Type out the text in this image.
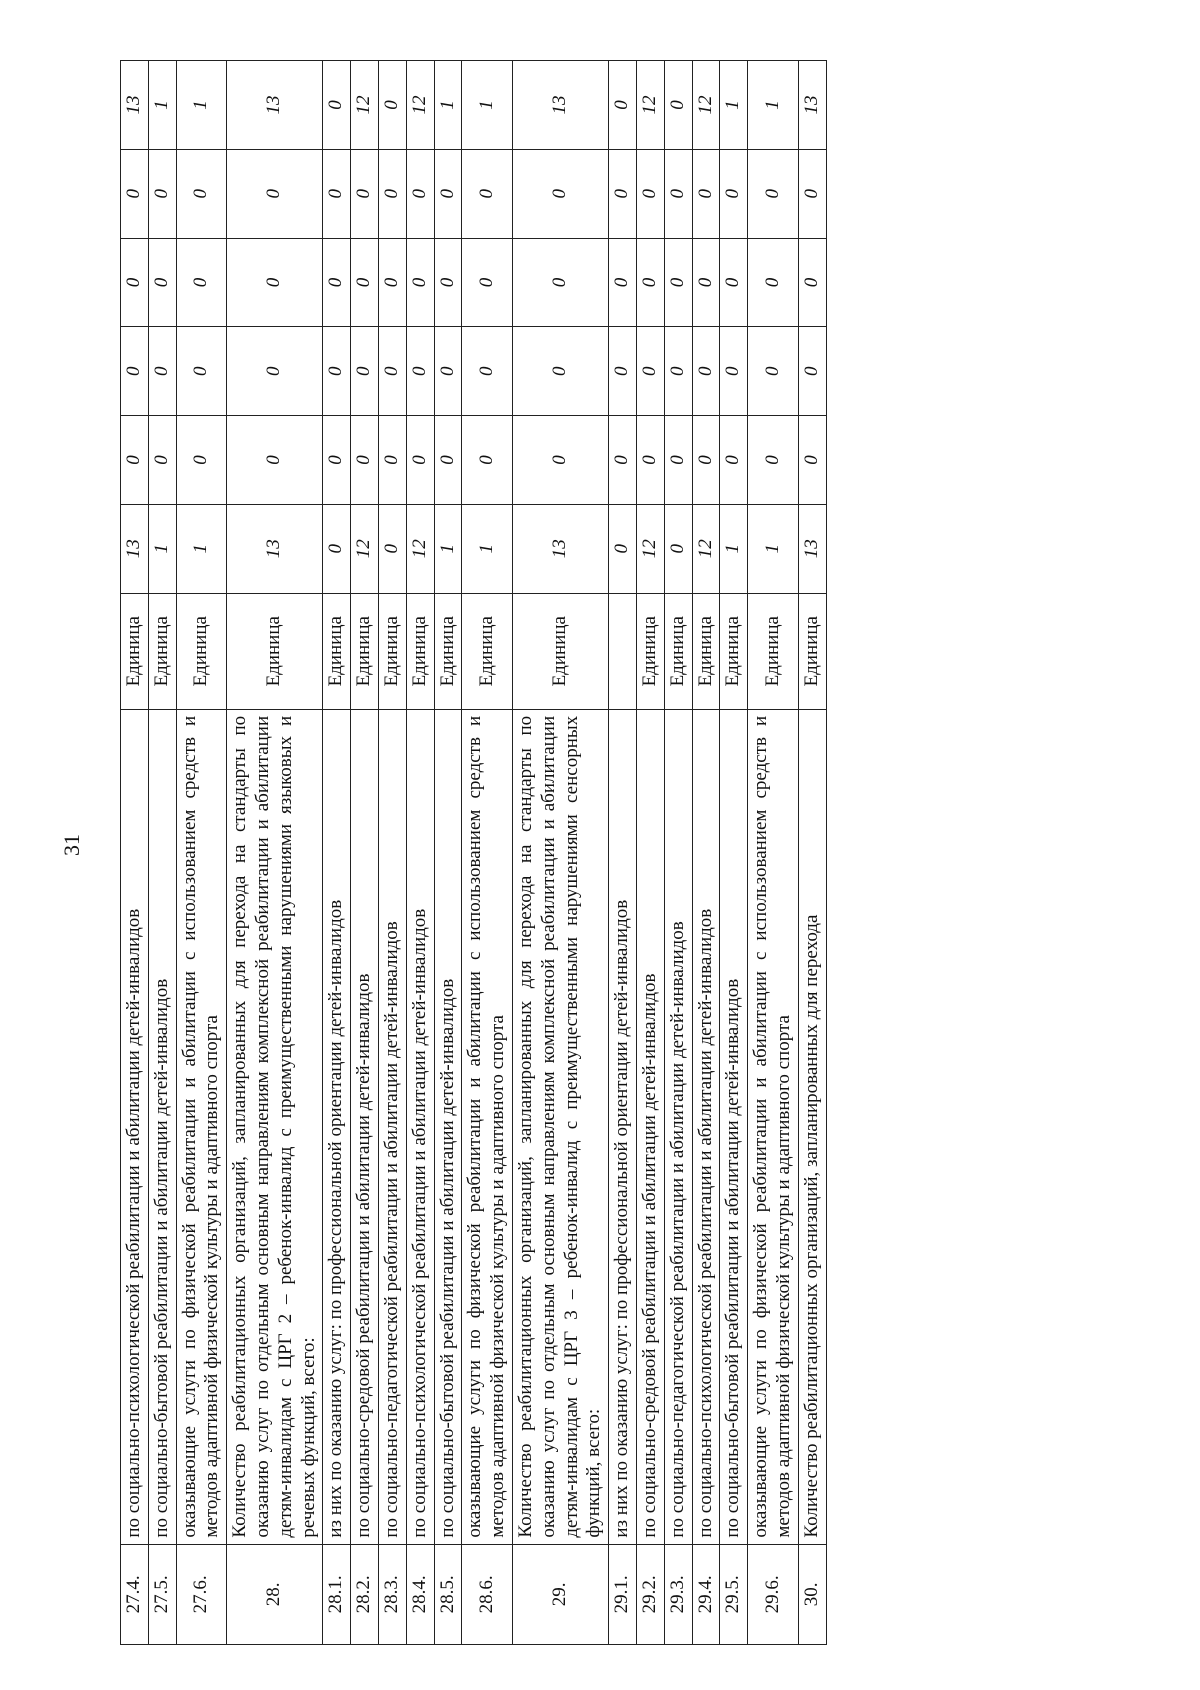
31
27.4.	по социально-психологической реабилитации и абилитации детей-инвалидов	Единица	13	0	0	0	0	13
27.5.	по социально-бытовой реабилитации и абилитации детей-инвалидов	Единица	1	0	0	0	0	1
27.6.	оказывающие услуги по физической реабилитации и абилитации с использованием средств и методов адаптивной физической культуры и адаптивного спорта	Единица	1	0	0	0	0	1
28.	Количество реабилитационных организаций, запланированных для перехода на стандарты по оказанию услуг по отдельным основным направлениям комплексной реабилитации и абилитации детям-инвалидам с ЦРГ 2 – ребенок-инвалид с преимущественными нарушениями языковых и речевых функций, всего:	Единица	13	0	0	0	0	13
28.1.	из них по оказанию услуг: по профессиональной ориентации детей-инвалидов	Единица	0	0	0	0	0	0
28.2.	по социально-средовой реабилитации и абилитации детей-инвалидов	Единица	12	0	0	0	0	12
28.3.	по социально-педагогической реабилитации и абилитации детей-инвалидов	Единица	0	0	0	0	0	0
28.4.	по социально-психологической реабилитации и абилитации детей-инвалидов	Единица	12	0	0	0	0	12
28.5.	по социально-бытовой реабилитации и абилитации детей-инвалидов	Единица	1	0	0	0	0	1
28.6.	оказывающие услуги по физической реабилитации и абилитации с использованием средств и методов адаптивной физической культуры и адаптивного спорта	Единица	1	0	0	0	0	1
29.	Количество реабилитационных организаций, запланированных для перехода на стандарты по оказанию услуг по отдельным основным направлениям комплексной реабилитации и абилитации детям-инвалидам с ЦРГ 3 – ребенок-инвалид с преимущественными нарушениями сенсорных функций, всего:	Единица	13	0	0	0	0	13
29.1.	из них по оказанию услуг: по профессиональной ориентации детей-инвалидов		0	0	0	0	0	0
29.2.	по социально-средовой реабилитации и абилитации детей-инвалидов	Единица	12	0	0	0	0	12
29.3.	по социально-педагогической реабилитации и абилитации детей-инвалидов	Единица	0	0	0	0	0	0
29.4.	по социально-психологической реабилитации и абилитации детей-инвалидов	Единица	12	0	0	0	0	12
29.5.	по социально-бытовой реабилитации и абилитации детей-инвалидов	Единица	1	0	0	0	0	1
29.6.	оказывающие услуги по физической реабилитации и абилитации с использованием средств и методов адаптивной физической культуры и адаптивного спорта	Единица	1	0	0	0	0	1
30.	Количество реабилитационных организаций, запланированных для перехода	Единица	13	0	0	0	0	13
